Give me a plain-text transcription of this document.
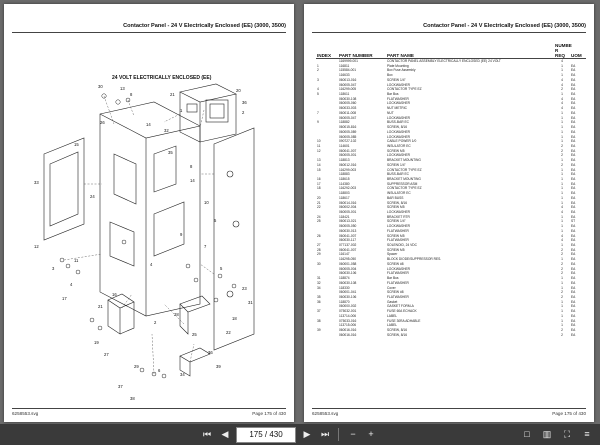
Contactor Panel - 24 V Electrically Enclosed (EE) (3000, 3500)
24 VOLT ELECTRICALLY ENCLOSED (EE)
30	13
8	21
20
36
2
1
26	14
32
35
15
33
24
8
14
12
10
5
9
7
4
11
3
4
17
5
23
31
18
22
16
19
27
28
25
29
6
34
36
39
37
38
21
2
6258553.svg	Page 175 of 430
Contactor Panel - 24 V Electrically Enclosed (EE) (3000, 3500)
INDEX	PART NUMBER	PART NAME	NUMBE R REQ	UOM
	1169999-001	CONTACTOR PANEL ASSEMBLY ELECTRICALLY ENCLOSED (EE) 24 VOLT	4	
1	116811	Plate Mounting	1	EA
2	115584-001	Box Fuse Assembly	1	EA
	116633	Box	1	EA
3	060013-016	SCREW 1/4"	4	EA
	060005-047	LOCKWASHER	4	EA
4	116299-005	CONTACTOR TYPE EZ	2	EA
5	118611	Bar Bus	1	EA
	060030-108	FLATWASHER	4	EA
	060005-060	LOCKWASHER	4	EA
	060033-003	NUT METRIC	4	EA
7	060011-008	NUT	1	EA
	060005-047	LOCKWASHER	1	EA
9	118882	BUSS-BAR EC	1	EA
	060015-816	SCREW, 8/16	1	EA
	060005-089	LOCKWASHER	1	EA
	060005-085	LOCKWASHER	1	EA
10	090727-102	CABLE POWER 1/0	1	EA
11	114601	INSULATOR EC	2	EA
12	060041-007	SCREW M5	2	EA
	060005-001	LOCKWASHER	2	EA
13	118813	BRACKET MOUNTING	1	EA
14	060012-016	SCREW 1/4"	2	EA
15	116299-003	CONTACTOR TYPE EZ	1	EA
	118883	BUSS-BAR EC	1	EA
16	118615	BRACKET MOUNTING	1	EA
17	114380	SUPPRESSOR ASM	1	EA
18	116292-003	CONTACTOR TYPE EZ	1	EA
	118803	INSULATOR EC	1	EA
20	118617	BAR BUSS	1	EA
21	060014-016	SCREW, 8/16	1	EA
22	060002-004	SCREW M5	4	EA
	060005-001	LOCKWASHER	4	EA
24	118421	BRACKET RTR	1	EA
25	060013-021	SCREW 1/4"	1	ST
	060005-050	LOCKWASHER	1	EA
	060030-013	FLATWASHER	1	EA
26	060041-007	SCREW M5	4	EA
	060030-117	FLATWASHER	4	EA
27	077137-002	SOLENOID, 24 VDC	1	EA
28	060041-007	SCREW M5	2	EA
29	116147	Spacer	2	EA
	116295-050	BLOCK DIODE/SUPPRESSOR RES.	1	EA
30	060001-058	SCREW #8	2	EA
	060005-004	LOCKWASHER	2	EA
	060030-106	FLATWASHER	2	EA
31	118874	Bar Bus	1	EA
32	060030-108	FLATWASHER	1	EA
34	118330	Cover	1	EA
	060001-041	SCREW #8	2	EA
35	060030-106	FLATWASHER	2	EA
36	118870	Gasket	1	EA
	060000-002	GASKET FORM-A	1	EA
37	075032-001	FUSE 60A ECHACK	1	EA
	113714-006	LABEL	1	EA
38	075033-016	FUSE 30RA ADHABLE	1	EA
	113715-006	LABEL	1	EA
39	060016-016	SCREW, 8/16	2	EA
	060016-016	SCREW, 8/16	2	EA
6258553.svg	Page 175 of 430
⏮	◀	175 / 430	▶	⏭	−	+	□	▥	⛶	≡
